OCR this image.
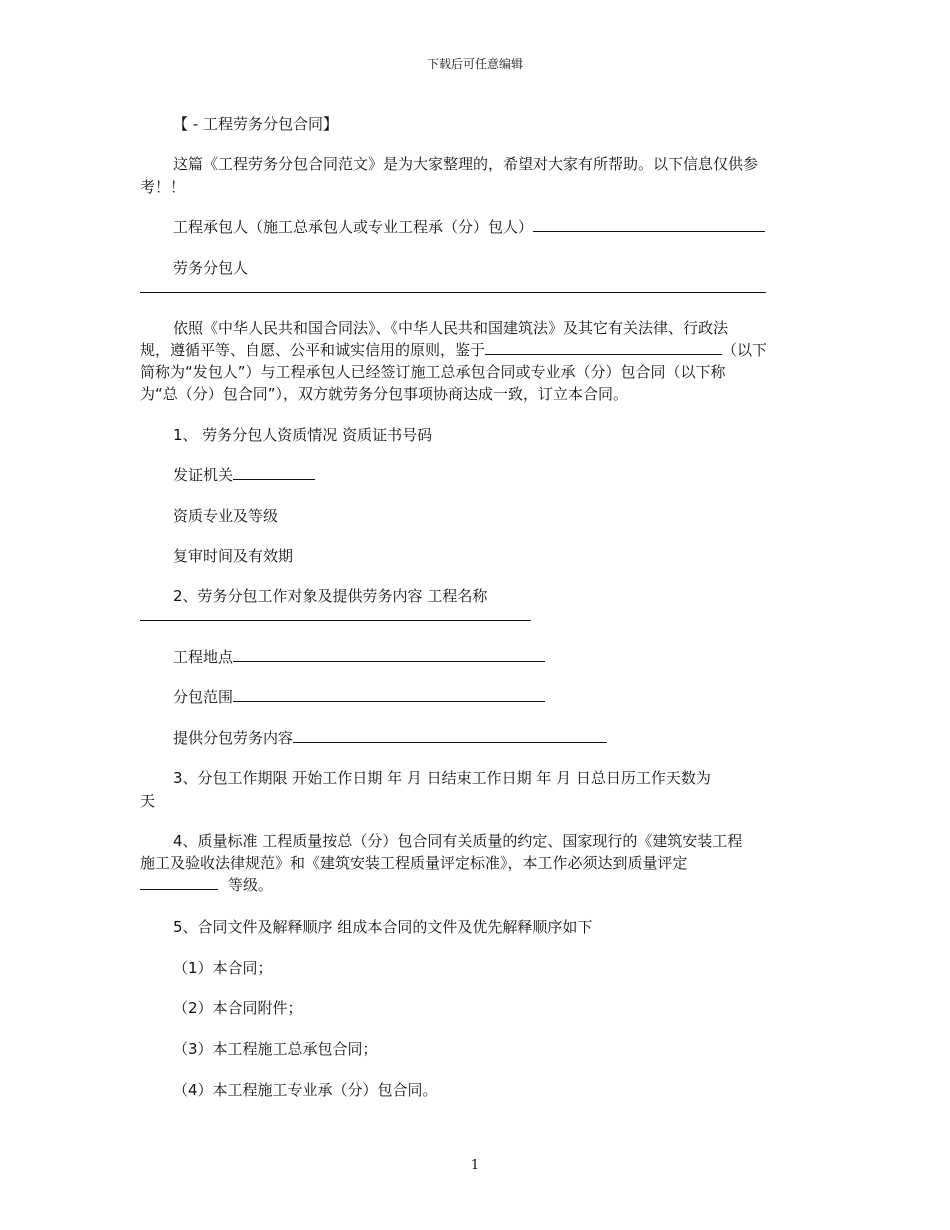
下载后可任意编辑
【 - 工程劳务分包合同】
这篇《工程劳务分包合同范文》是为大家整理的，希望对大家有所帮助。以下信息仅供参
考！！
工程承包人（施工总承包人或专业工程承（分）包人）
劳务分包人
依照《中华人民共和国合同法》、《中华人民共和国建筑法》及其它有关法律、行政法
规，遵循平等、自愿、公平和诚实信用的原则，鉴于	（以下
简称为“发包人”）与工程承包人已经签订施工总承包合同或专业承（分）包合同（以下称
为“总（分）包合同”），双方就劳务分包事项协商达成一致，订立本合同。
1、 劳务分包人资质情况 资质证书号码
发证机关
资质专业及等级
复审时间及有效期
2、劳务分包工作对象及提供劳务内容 工程名称
工程地点
分包范围
提供分包劳务内容
3、分包工作期限 开始工作日期 年 月 日结束工作日期 年 月 日总日历工作天数为
天
4、质量标准 工程质量按总（分）包合同有关质量的约定、国家现行的《建筑安装工程
施工及验收法律规范》和《建筑安装工程质量评定标准》，本工作必须达到质量评定
等级。
5、合同文件及解释顺序 组成本合同的文件及优先解释顺序如下
（1）本合同；
（2）本合同附件；
（3）本工程施工总承包合同；
（4）本工程施工专业承（分）包合同。
1
